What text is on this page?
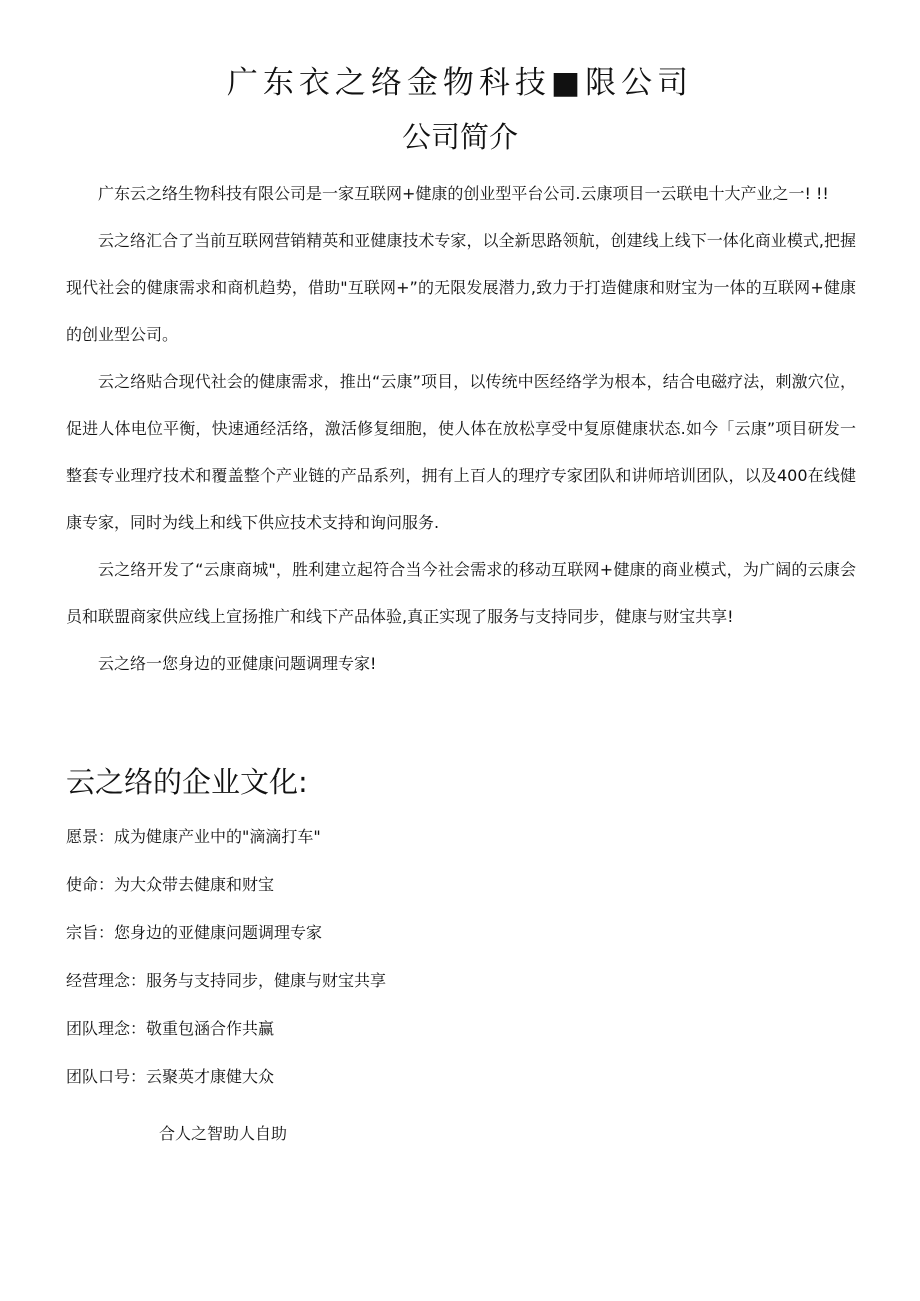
广东衣之络金物科技■限公司
公司简介

广东云之络生物科技有限公司是一家互联网+健康的创业型平台公司.云康项目一云联电十大产业之一! !!

云之络汇合了当前互联网营销精英和亚健康技术专家，以全新思路领航，创建线上线下一体化商业模式,把握现代社会的健康需求和商机趋势，借助"互联网+”的无限发展潜力,致力于打造健康和财宝为一体的互联网+健康的创业型公司。

云之络贴合现代社会的健康需求，推出“云康”项目，以传统中医经络学为根本，结合电磁疗法，刺激穴位，促进人体电位平衡，快速通经活络，激活修复细胞，使人体在放松享受中复原健康状态.如今「云康”项目研发一整套专业理疗技术和覆盖整个产业链的产品系列，拥有上百人的理疗专家团队和讲师培训团队，以及400在线健康专家，同时为线上和线下供应技术支持和询问服务.

云之络开发了“云康商城"，胜利建立起符合当今社会需求的移动互联网+健康的商业模式，为广阔的云康会员和联盟商家供应线上宣扬推广和线下产品体验,真正实现了服务与支持同步，健康与财宝共享!

云之络一您身边的亚健康问题调理专家!

云之络的企业文化:
愿景：成为健康产业中的"滴滴打车"
使命：为大众带去健康和财宝
宗旨：您身边的亚健康问题调理专家
经营理念：服务与支持同步，健康与财宝共享
团队理念：敬重包涵合作共赢
团队口号：云聚英才康健大众
合人之智助人自助
